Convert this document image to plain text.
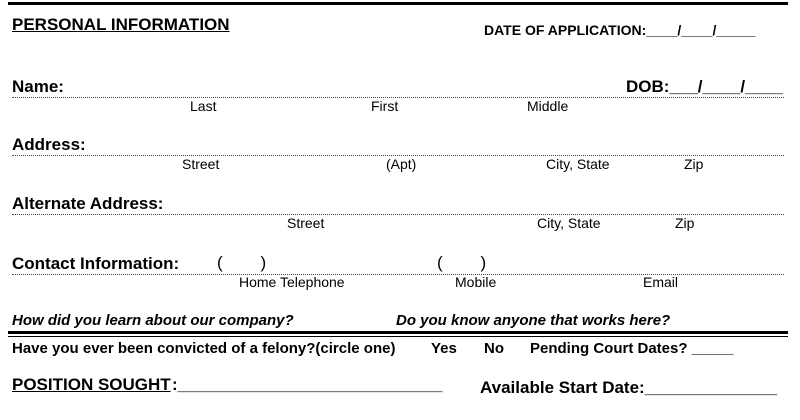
PERSONAL INFORMATION	DATE OF APPLICATION:____/____/_____
Name:	DOB:___/____/____
Last	First	Middle
Address:
Street	(Apt)	City, State	Zip
Alternate Address:
Street	City, State	Zip
Contact Information: (        )	(        )
Home Telephone	Mobile	Email
How did you learn about our company?	Do you know anyone that works here?
Have you ever been convicted of a felony?(circle one) Yes No Pending Court Dates? _____
POSITION SOUGHT :____________________________ Available Start Date:______________
